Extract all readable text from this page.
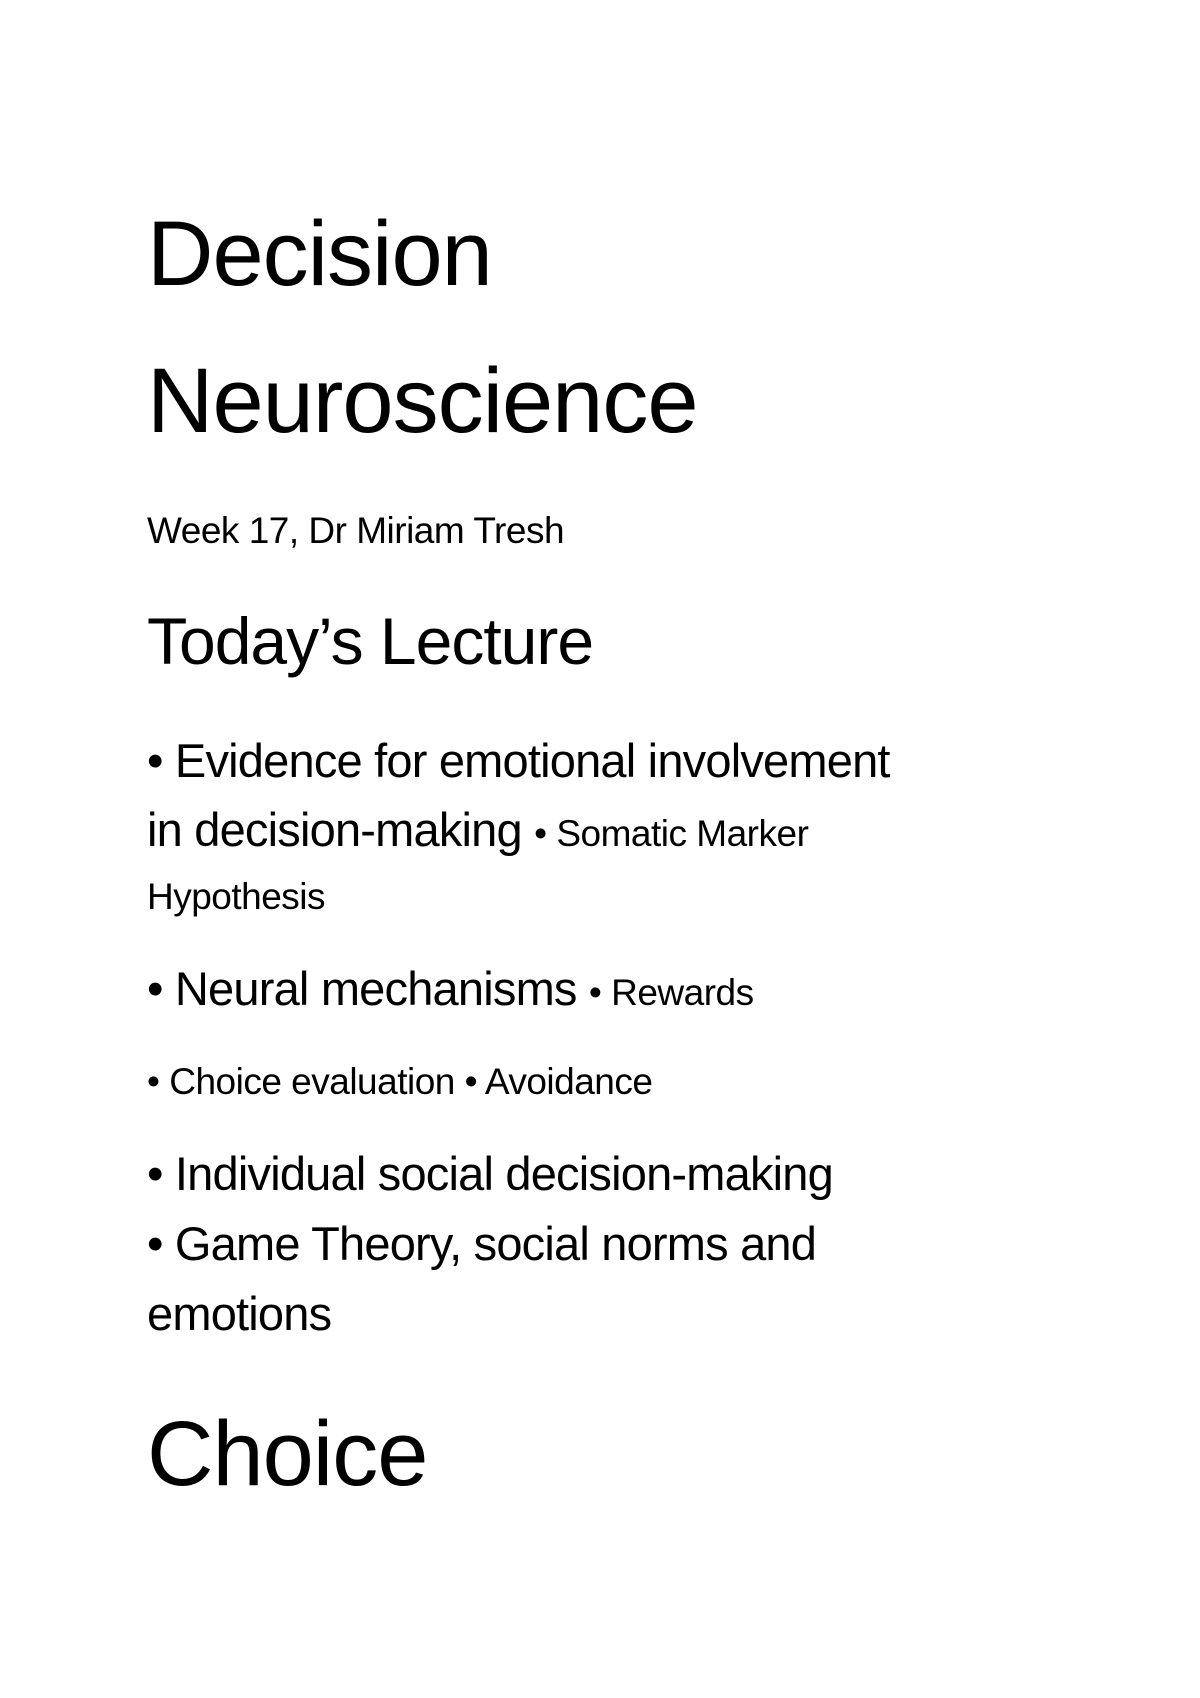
Decision
Neuroscience

Week 17, Dr Miriam Tresh

Today’s Lecture

• Evidence for emotional involvement

in decision-making • Somatic Marker

Hypothesis

• Neural mechanisms • Rewards

• Choice evaluation • Avoidance

• Individual social decision-making

• Game Theory, social norms and

emotions

Choice
